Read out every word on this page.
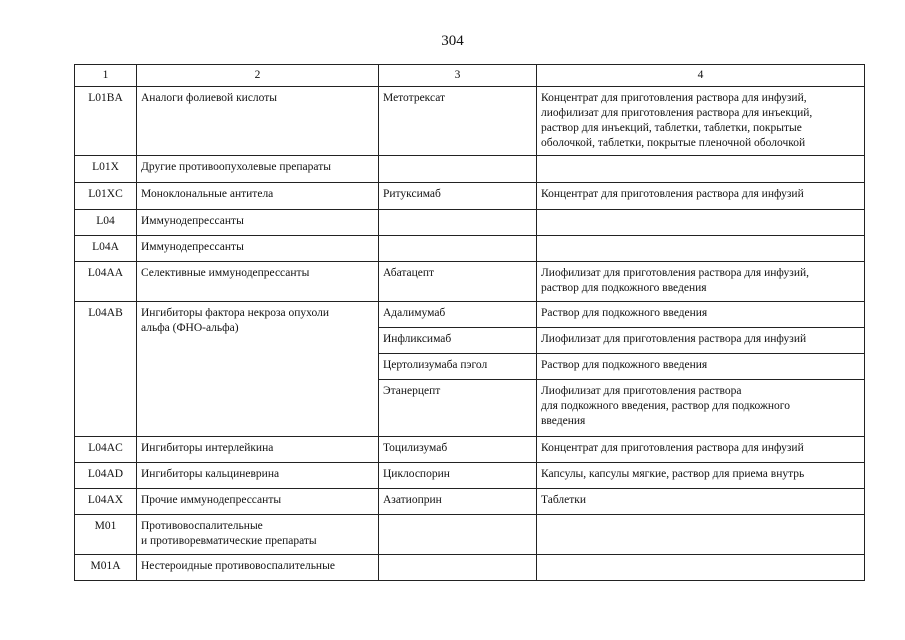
304
1	2	3	4
L01BA	Аналоги фолиевой кислоты	Метотрексат	Концентрат для приготовления раствора для инфузий,
лиофилизат для приготовления раствора для инъекций,
раствор для инъекций, таблетки, таблетки, покрытые
оболочкой, таблетки, покрытые пленочной оболочкой
L01X	Другие противоопухолевые препараты		
L01XC	Моноклональные антитела	Ритуксимаб	Концентрат для приготовления раствора для инфузий
L04	Иммунодепрессанты		
L04A	Иммунодепрессанты		
L04AA	Селективные иммунодепрессанты	Абатацепт	Лиофилизат для приготовления раствора для инфузий,
раствор для подкожного введения
L04AB	Ингибиторы фактора некроза опухоли
альфа (ФНО-альфа)	Адалимумаб	Раствор для подкожного введения
		Инфликсимаб	Лиофилизат для приготовления раствора для инфузий
		Цертолизумаба пэгол	Раствор для подкожного введения
		Этанерцепт	Лиофилизат для приготовления раствора
для подкожного введения, раствор для подкожного
введения
L04AC	Ингибиторы интерлейкина	Тоцилизумаб	Концентрат для приготовления раствора для инфузий
L04AD	Ингибиторы кальциневрина	Циклоспорин	Капсулы, капсулы мягкие, раствор для приема внутрь
L04AX	Прочие иммунодепрессанты	Азатиоприн	Таблетки
M01	Противовоспалительные
и противоревматические препараты		
M01A	Нестероидные противовоспалительные		
